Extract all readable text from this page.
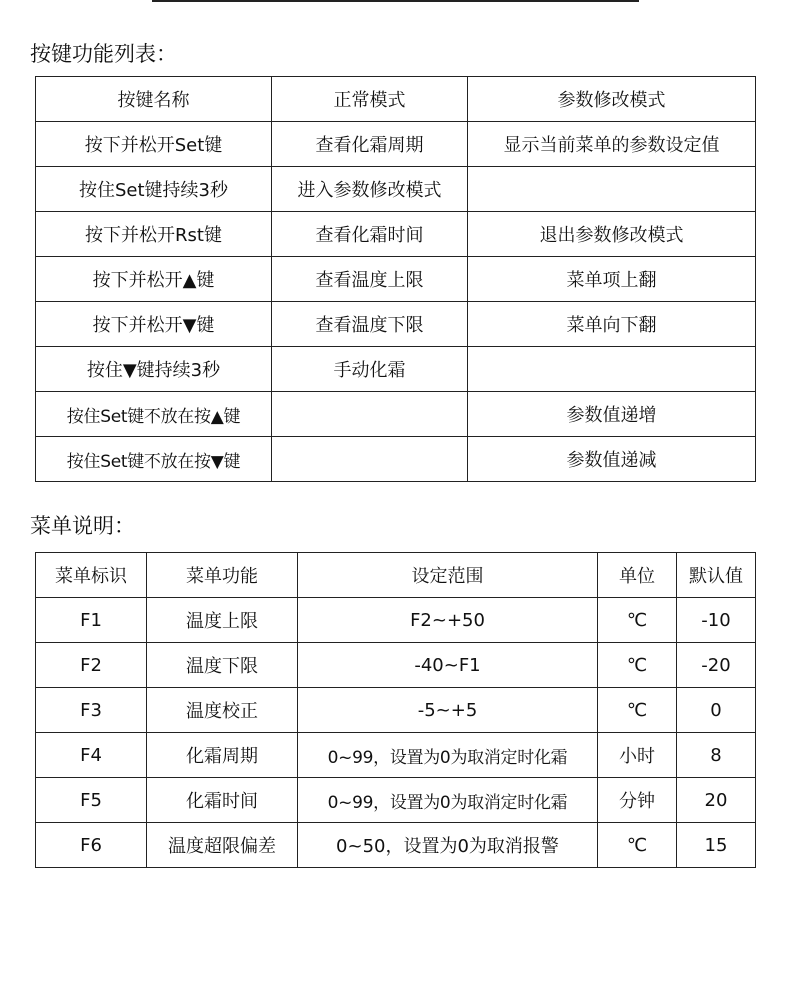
按键功能列表：
按键名称	正常模式	参数修改模式
按下并松开Set键	查看化霜周期	显示当前菜单的参数设定值
按住Set键持续3秒	进入参数修改模式	
按下并松开Rst键	查看化霜时间	退出参数修改模式
按下并松开▲键	查看温度上限	菜单项上翻
按下并松开▼键	查看温度下限	菜单向下翻
按住▼键持续3秒	手动化霜	
按住Set键不放在按▲键		参数值递增
按住Set键不放在按▼键		参数值递减
菜单说明：
菜单标识	菜单功能	设定范围	单位	默认值
F1	温度上限	F2~+50	℃	-10
F2	温度下限	-40~F1	℃	-20
F3	温度校正	-5~+5	℃	0
F4	化霜周期	0~99，设置为0为取消定时化霜	小时	8
F5	化霜时间	0~99，设置为0为取消定时化霜	分钟	20
F6	温度超限偏差	0~50，设置为0为取消报警	℃	15
